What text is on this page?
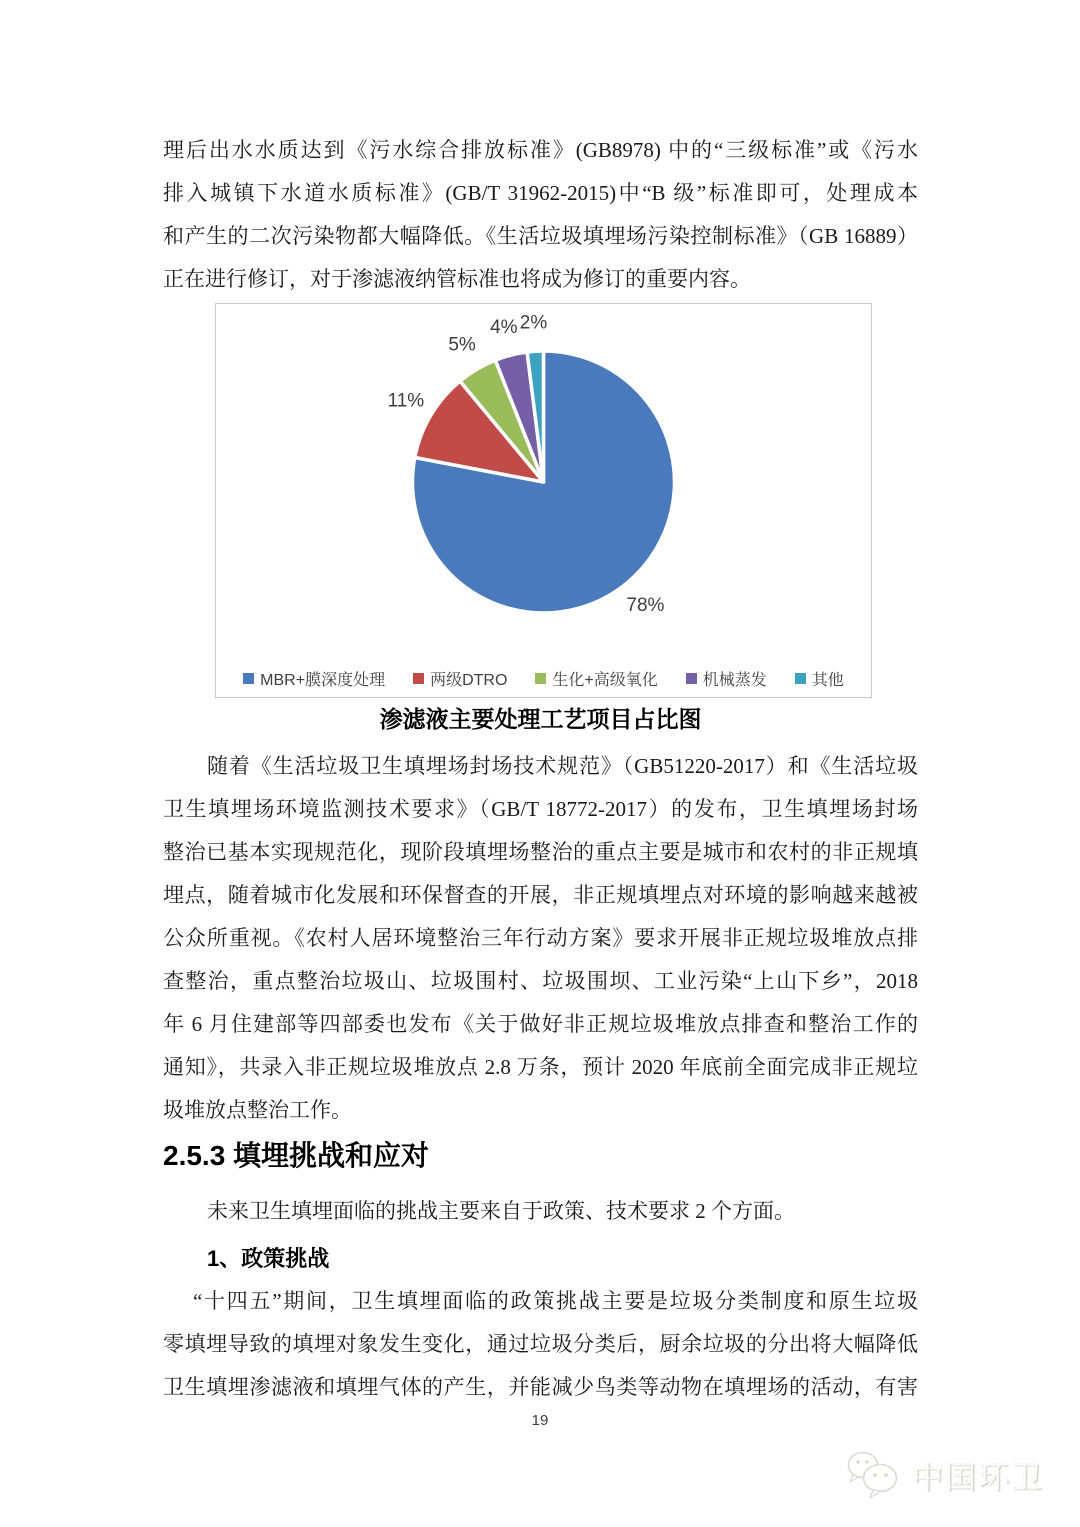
理后出水水质达到《污水综合排放标准》(GB8978) 中的“三级标准”或《污水
排入城镇下水道水质标准》(GB/T 31962-2015)中“B 级”标准即可，处理成本
和产生的二次污染物都大幅降低。《生活垃圾填埋场污染控制标准》（GB 16889）
正在进行修订，对于渗滤液纳管标准也将成为修订的重要内容。
78%
11%
5%
4% 2%
MBR+膜深度处理	两级DTRO	生化+高级氧化	机械蒸发	其他
渗滤液主要处理工艺项目占比图
随着《生活垃圾卫生填埋场封场技术规范》（GB51220-2017）和《生活垃圾
卫生填埋场环境监测技术要求》（GB/T 18772-2017）的发布，卫生填埋场封场
整治已基本实现规范化，现阶段填埋场整治的重点主要是城市和农村的非正规填
埋点，随着城市化发展和环保督查的开展，非正规填埋点对环境的影响越来越被
公众所重视。《农村人居环境整治三年行动方案》要求开展非正规垃圾堆放点排
查整治，重点整治垃圾山、垃圾围村、垃圾围坝、工业污染“上山下乡”，2018
年 6 月住建部等四部委也发布《关于做好非正规垃圾堆放点排查和整治工作的
通知》，共录入非正规垃圾堆放点 2.8 万条，预计 2020 年底前全面完成非正规垃
圾堆放点整治工作。
2.5.3 填埋挑战和应对
未来卫生填埋面临的挑战主要来自于政策、技术要求 2 个方面。
1、政策挑战
“十四五”期间，卫生填埋面临的政策挑战主要是垃圾分类制度和原生垃圾
零填埋导致的填埋对象发生变化，通过垃圾分类后，厨余垃圾的分出将大幅降低
卫生填埋渗滤液和填埋气体的产生，并能减少鸟类等动物在填埋场的活动，有害
19
中国环卫
